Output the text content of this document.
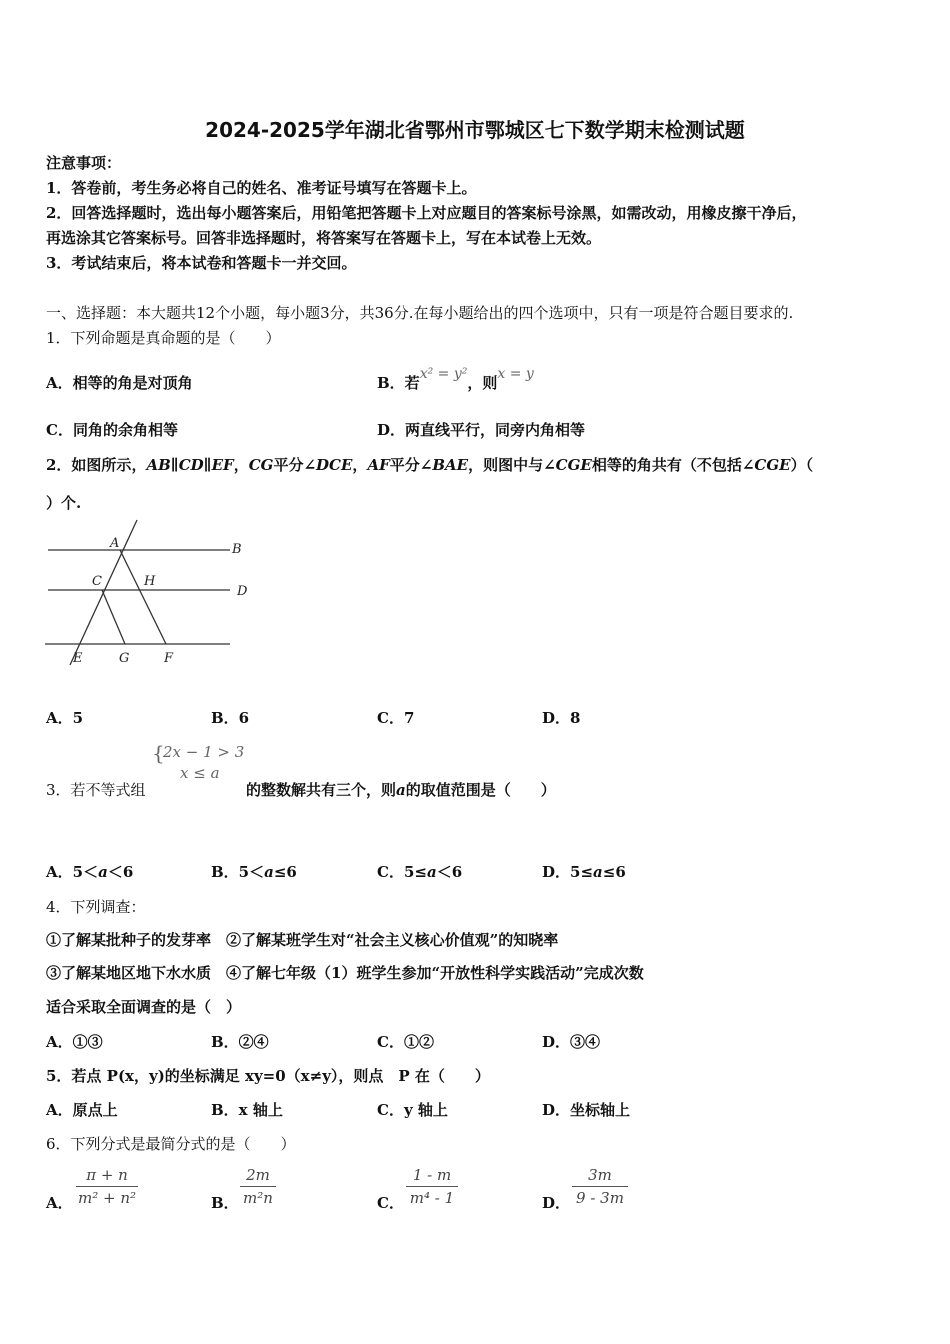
2024-2025学年湖北省鄂州市鄂城区七下数学期末检测试题
注意事项：
1．答卷前，考生务必将自己的姓名、准考证号填写在答题卡上。
2．回答选择题时，选出每小题答案后，用铅笔把答题卡上对应题目的答案标号涂黑，如需改动，用橡皮擦干净后，
再选涂其它答案标号。回答非选择题时，将答案写在答题卡上，写在本试卷上无效。
3．考试结束后，将本试卷和答题卡一并交回。
一、选择题：本大题共12个小题，每小题3分，共36分.在每小题给出的四个选项中，只有一项是符合题目要求的.
1．下列命题是真命题的是（　　）
A．相等的角是对顶角	B．若x² = y²，则x = y
C．同角的余角相等	D．两直线平行，同旁内角相等
2．如图所示，AB∥CD∥EF，CG平分∠DCE，AF平分∠BAE，则图中与∠CGE相等的角共有（不包括∠CGE）（
）个.
A	B
C	H
D
E	G	F
A．5	B．6	C．7	D．8
{
2x − 1 > 3
x ≤ a
3．若不等式组	的整数解共有三个，则a的取值范围是（　　）
A．5＜a＜6	B．5＜a≤6	C．5≤a＜6	D．5≤a≤6
4．下列调查：
①了解某批种子的发芽率　②了解某班学生对“社会主义核心价值观”的知晓率
③了解某地区地下水水质　④了解七年级（1）班学生参加“开放性科学实践活动”完成次数
适合采取全面调查的是（　）
A．①③	B．②④	C．①②	D．③④
5．若点 P(x，y)的坐标满足 xy=0（x≠y），则点　P 在（　　）
A．原点上	B．x 轴上	C．y 轴上	D．坐标轴上
6．下列分式是最简分式的是（　　）
A．
π + n
m² + n²	B．
2m
m²n	C．
1 - m
m⁴ - 1	D．
3m
9 - 3m
